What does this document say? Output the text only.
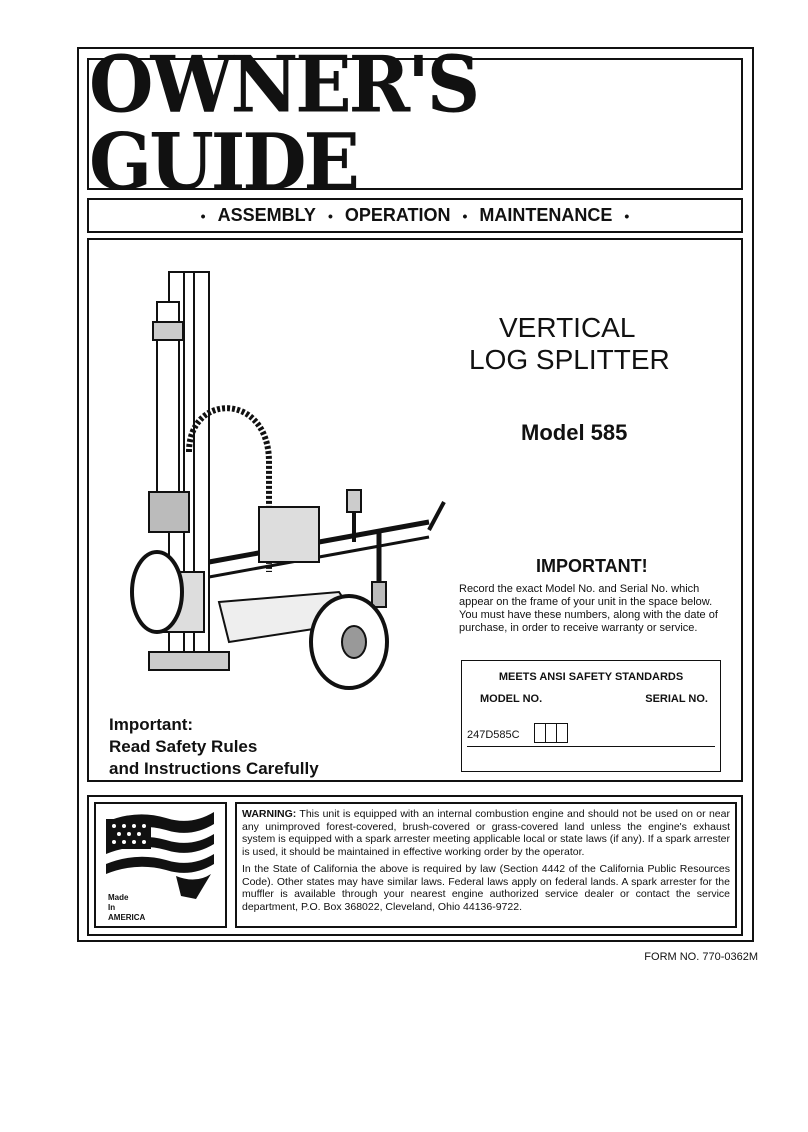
OWNER'S GUIDE
• ASSEMBLY • OPERATION • MAINTENANCE •
VERTICAL
LOG SPLITTER
Model 585
IMPORTANT!
Record the exact Model No. and Serial No. which appear on the frame of your unit in the space below. You must have these numbers, along with the date of purchase, in order to receive warranty or service.
MEETS ANSI SAFETY STANDARDS
MODEL NO.	SERIAL NO.
247D585C
Important:
Read Safety Rules
and Instructions Carefully
Made
In
AMERICA

WARNING: This unit is equipped with an internal combustion engine and should not be used on or near any unimproved forest-covered, brush-covered or grass-covered land unless the engine's exhaust system is equipped with a spark arrester meeting applicable local or state laws (if any). If a spark arrester is used, it should be maintained in effective working order by the operator.

In the State of California the above is required by law (Section 4442 of the California Public Resources Code). Other states may have similar laws. Federal laws apply on federal lands. A spark arrester for the muffler is available through your nearest engine authorized service dealer or contact the service department, P.O. Box 368022, Cleveland, Ohio 44136-9722.

FORM NO. 770-0362M
